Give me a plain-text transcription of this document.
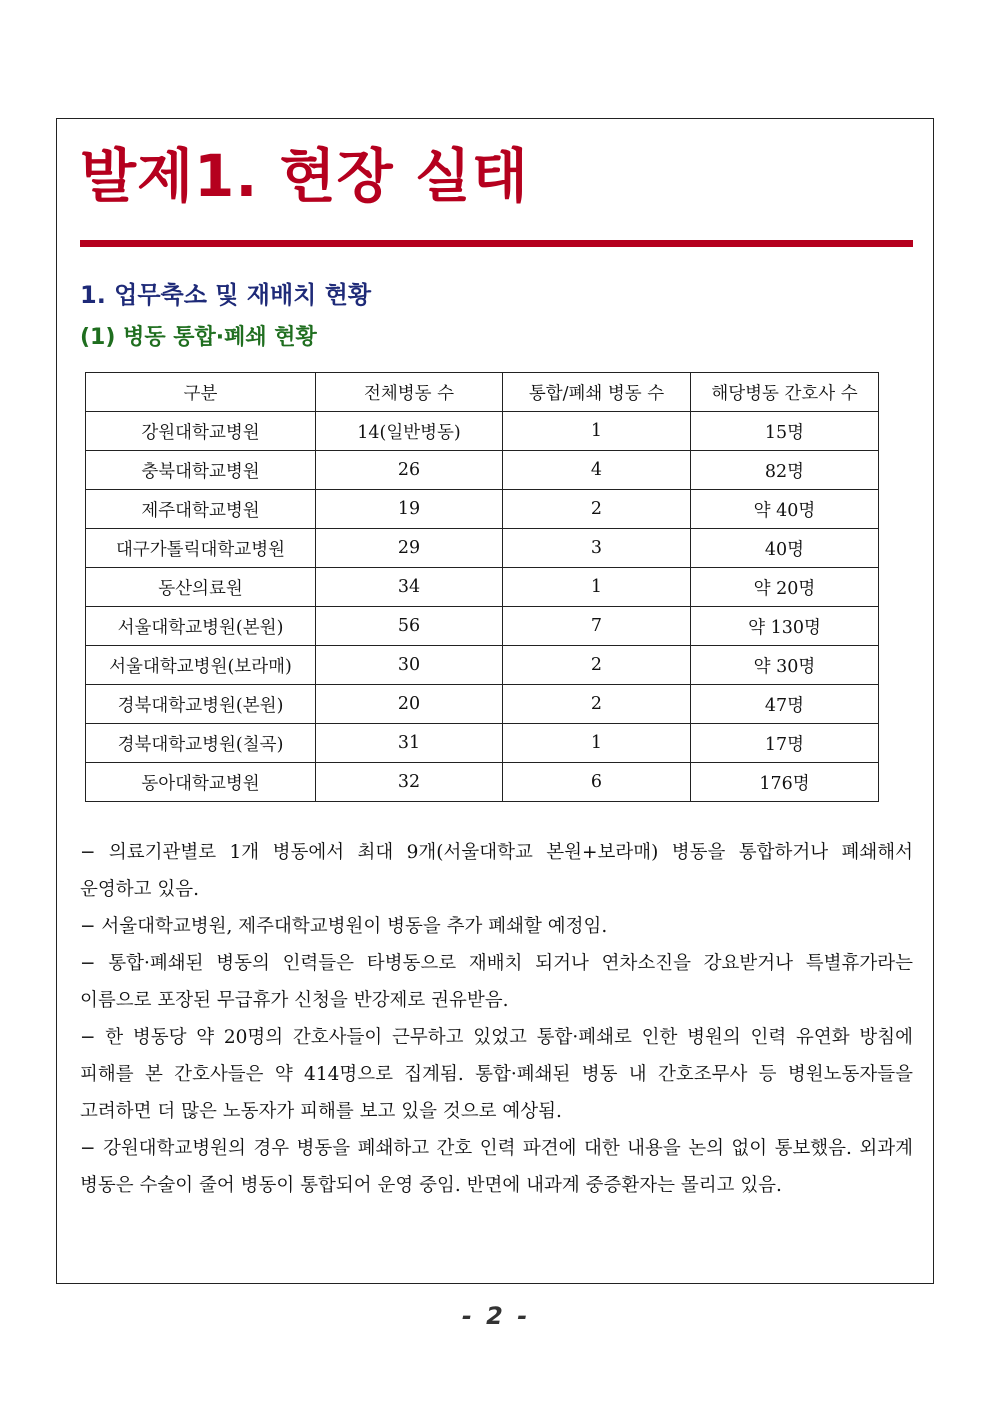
발제1. 현장 실태
1. 업무축소 및 재배치 현황
(1) 병동 통합·폐쇄 현황
구분	전체병동 수	통합/폐쇄 병동 수	해당병동 간호사 수
강원대학교병원	14(일반병동)	1	15명
충북대학교병원	26	4	82명
제주대학교병원	19	2	약 40명
대구가톨릭대학교병원	29	3	40명
동산의료원	34	1	약 20명
서울대학교병원(본원)	56	7	약 130명
서울대학교병원(보라매)	30	2	약 30명
경북대학교병원(본원)	20	2	47명
경북대학교병원(칠곡)	31	1	17명
동아대학교병원	32	6	176명

− 의료기관별로 1개 병동에서 최대 9개(서울대학교 본원+보라매) 병동을 통합하거나 폐쇄해서 운영하고 있음.

− 서울대학교병원, 제주대학교병원이 병동을 추가 폐쇄할 예정임.

− 통합·폐쇄된 병동의 인력들은 타병동으로 재배치 되거나 연차소진을 강요받거나 특별휴가라는 이름으로 포장된 무급휴가 신청을 반강제로 권유받음.

− 한 병동당 약 20명의 간호사들이 근무하고 있었고 통합·폐쇄로 인한 병원의 인력 유연화 방침에 피해를 본 간호사들은 약 414명으로 집계됨. 통합·폐쇄된 병동 내 간호조무사 등 병원노동자들을 고려하면 더 많은 노동자가 피해를 보고 있을 것으로 예상됨.

− 강원대학교병원의 경우 병동을 폐쇄하고 간호 인력 파견에 대한 내용을 논의 없이 통보했음. 외과계 병동은 수술이 줄어 병동이 통합되어 운영 중임. 반면에 내과계 중증환자는 몰리고 있음.

- 2 -
